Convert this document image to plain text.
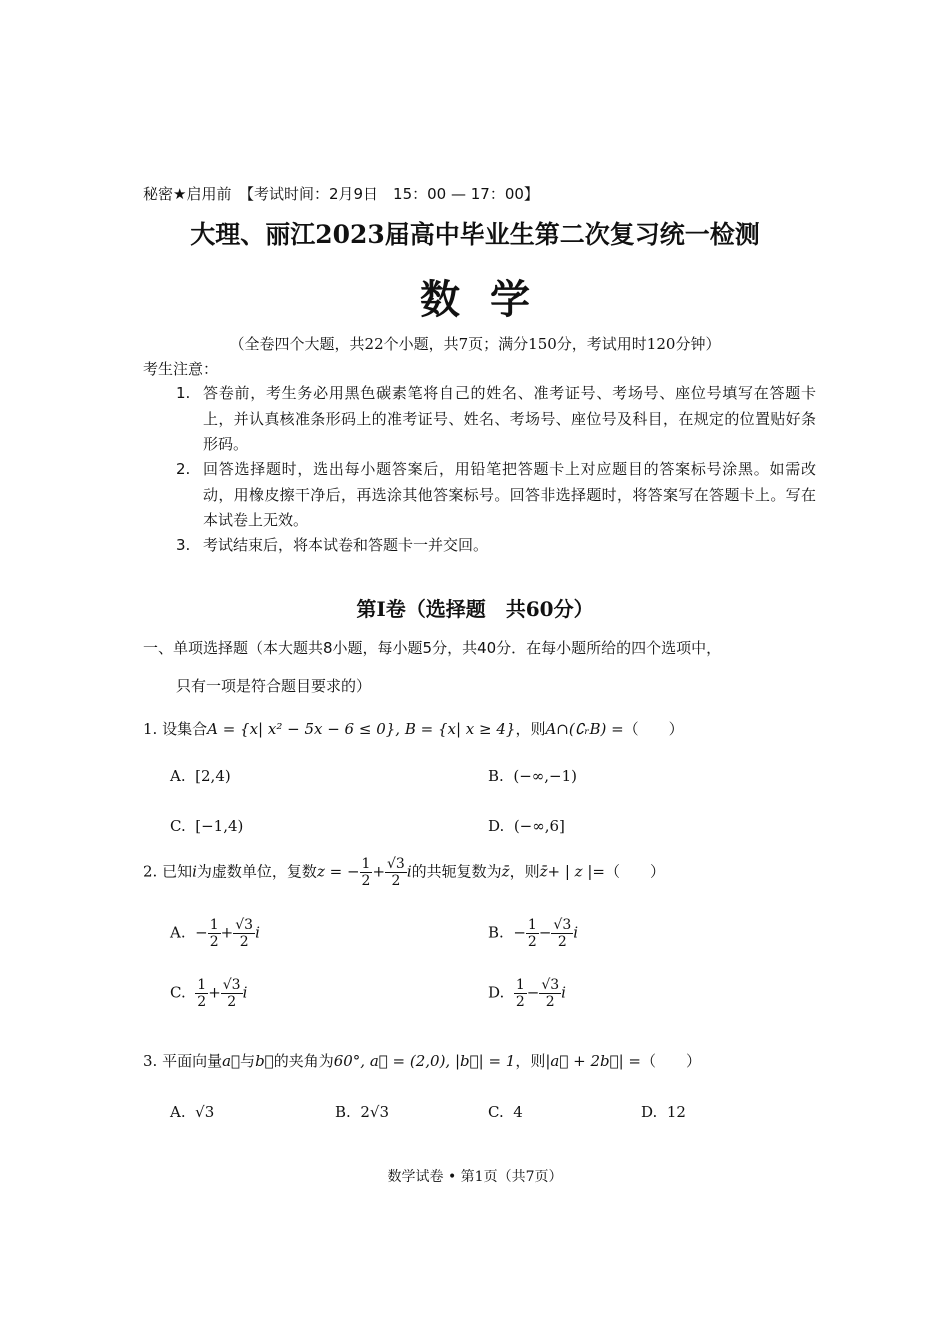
秘密★启用前　【考试时间：2月9日　15：00 — 17：00】
大理、丽江2023届高中毕业生第二次复习统一检测
数学
（全卷四个大题，共22个小题，共7页；满分150分，考试用时120分钟）
考生注意：
1. 答卷前，考生务必用黑色碳素笔将自己的姓名、准考证号、考场号、座位号填写在答题卡上，并认真核准条形码上的准考证号、姓名、考场号、座位号及科目，在规定的位置贴好条形码。
2. 回答选择题时，选出每小题答案后，用铅笔把答题卡上对应题目的答案标号涂黑。如需改动，用橡皮擦干净后，再选涂其他答案标号。回答非选择题时，将答案写在答题卡上。写在本试卷上无效。
3. 考试结束后，将本试卷和答题卡一并交回。
第Ⅰ卷（选择题　共60分）
一、单项选择题（本大题共8小题，每小题5分，共40分．在每小题所给的四个选项中，
只有一项是符合题目要求的）
1. 设集合A = {x| x² − 5x − 6 ≤ 0}, B = {x| x ≥ 4}，则A∩(∁ᵣB) =（　　）
A. [2,4)	B. (−∞,−1)
C. [−1,4)	D. (−∞,6]
2. 已知i为虚数单位，复数z = − $\frac{1}{2} + \frac{√3}{2}$ i的共轭复数为z̄，则z̄+ | z |=（　　）
A. − $\frac{1}{2} + \frac{√3}{2}$ i	B. − $\frac{1}{2} - \frac{√3}{2}$ i
C. $\frac{1}{2} + \frac{√3}{2}$ i	D. $\frac{1}{2} - \frac{√3}{2}$ i
3. 平面向量a⃗与b⃗的夹角为60°, a⃗ = (2,0), |b⃗| = 1，则|a⃗ + 2b⃗| =（　　）
A. √3	B. 2√3	C. 4	D. 12
数学试卷 • 第1页（共7页）
